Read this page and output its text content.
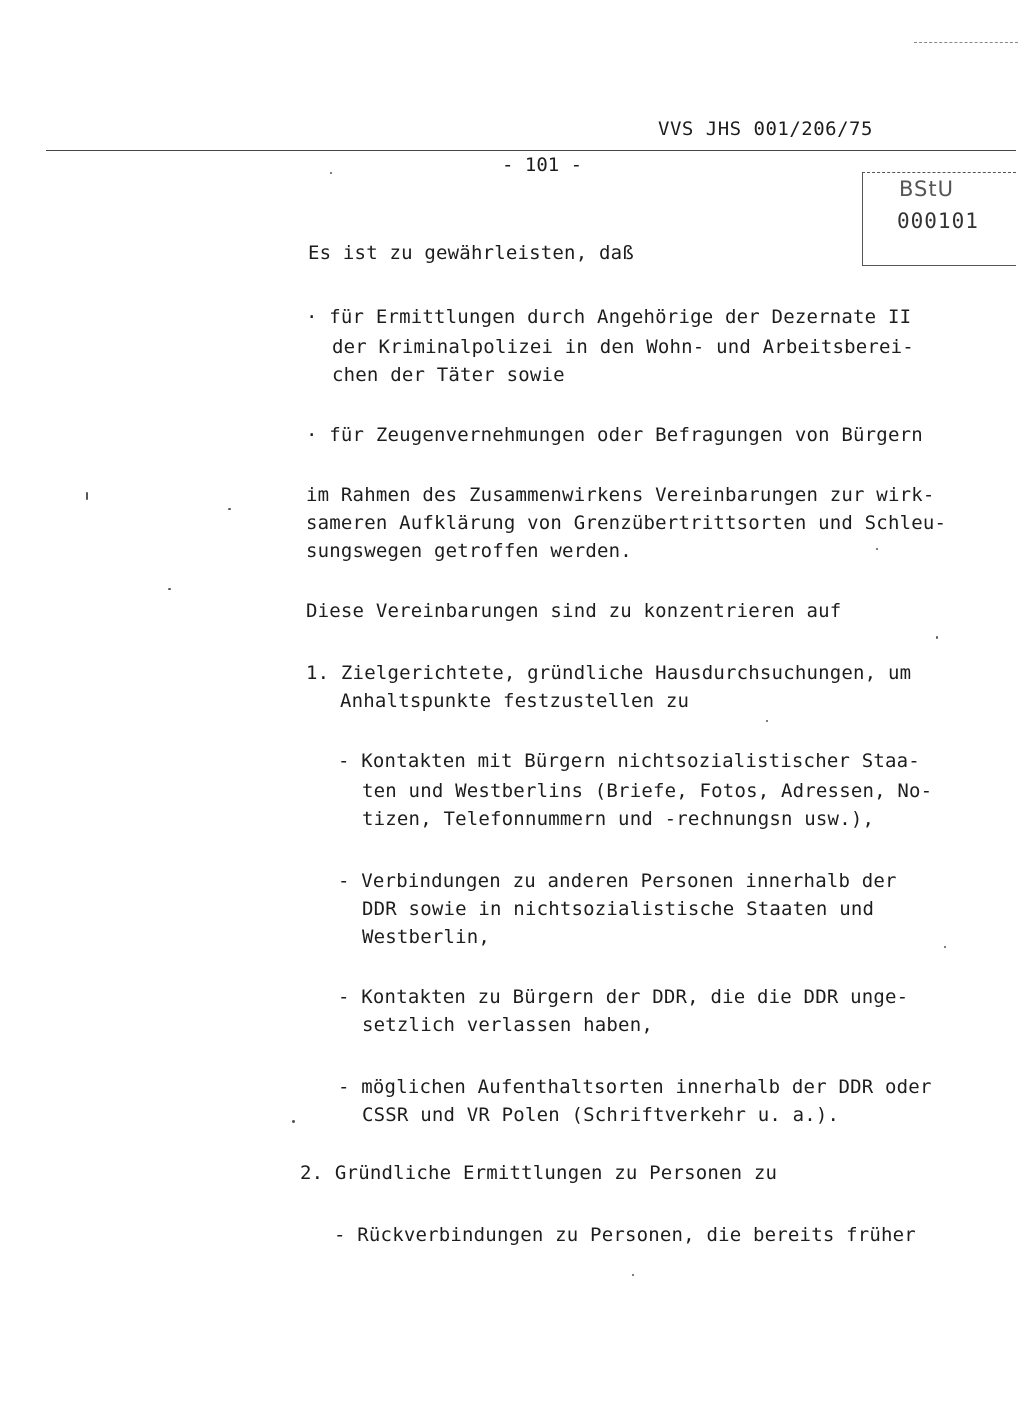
VVS JHS 001/206/75
- 101 -
BStU
000101
Es ist zu gewährleisten, daß
· für Ermittlungen durch Angehörige der Dezernate II
der Kriminalpolizei in den Wohn- und Arbeitsberei-
chen der Täter sowie
· für Zeugenvernehmungen oder Befragungen von Bürgern
im Rahmen des Zusammenwirkens Vereinbarungen zur wirk-
sameren Aufklärung von Grenzübertrittsorten und Schleu-
sungswegen getroffen werden.
Diese Vereinbarungen sind zu konzentrieren auf
1. Zielgerichtete, gründliche Hausdurchsuchungen, um
Anhaltspunkte festzustellen zu
- Kontakten mit Bürgern nichtsozialistischer Staa-
ten und Westberlins (Briefe, Fotos, Adressen, No-
tizen, Telefonnummern und -rechnungsn usw.),
- Verbindungen zu anderen Personen innerhalb der
DDR sowie in nichtsozialistische Staaten und
Westberlin,
- Kontakten zu Bürgern der DDR, die die DDR unge-
setzlich verlassen haben,
- möglichen Aufenthaltsorten innerhalb der DDR oder
CSSR und VR Polen (Schriftverkehr u. a.).
2. Gründliche Ermittlungen zu Personen zu
- Rückverbindungen zu Personen, die bereits früher
